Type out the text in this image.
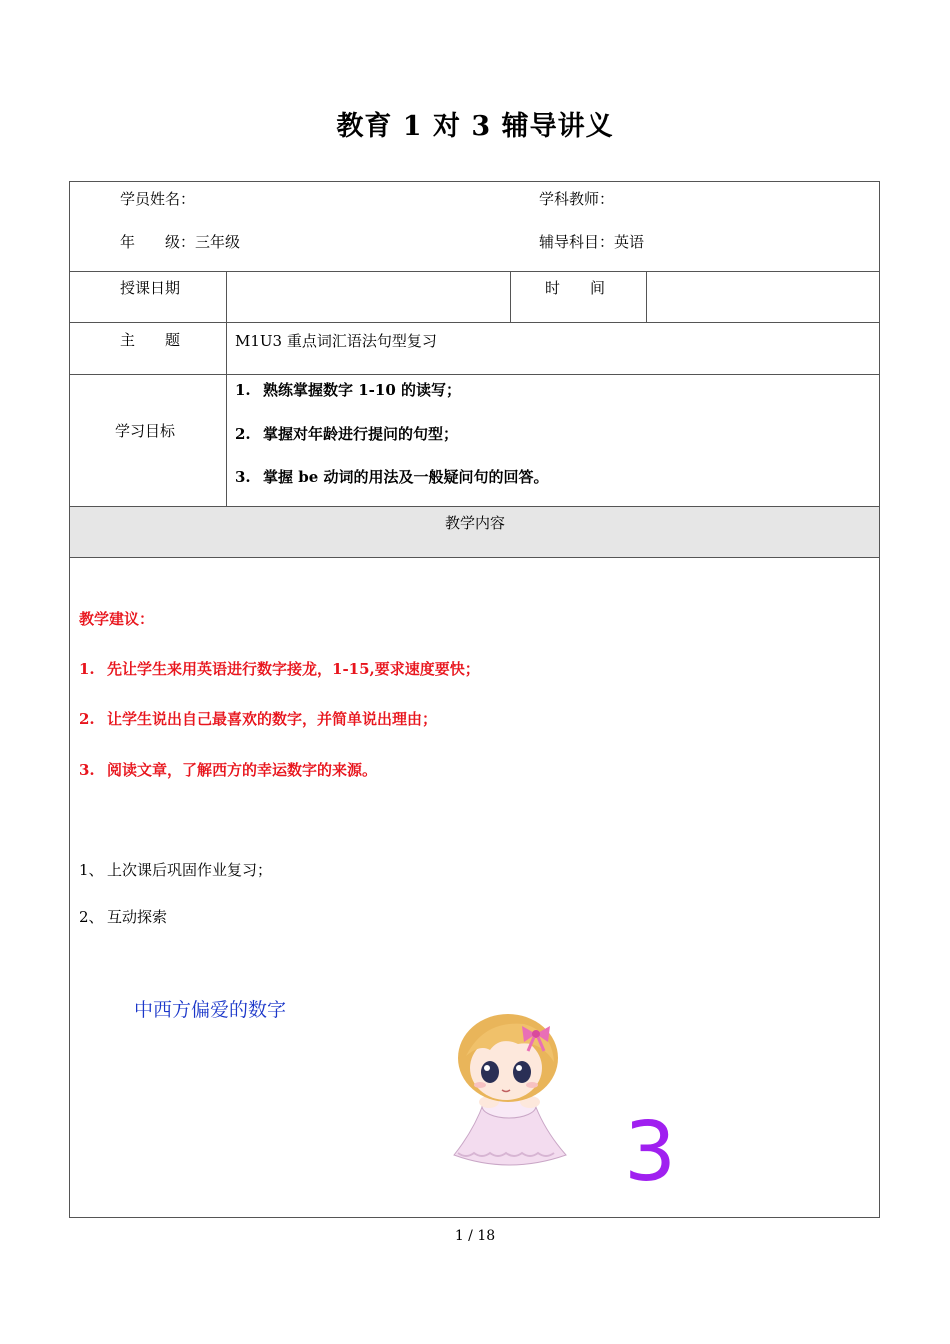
教育 1 对 3 辅导讲义
学员姓名：	学科教师：
年　　级：三年级	辅导科目：英语
授课日期	时　　间
主　　题	M1U3 重点词汇语法句型复习
学习目标
1. 熟练掌握数字 1-10 的读写；
2. 掌握对年龄进行提问的句型；
3. 掌握 be 动词的用法及一般疑问句的回答。
教学内容
教学建议：
1. 先让学生来用英语进行数字接龙，1-15,要求速度要快；
2. 让学生说出自己最喜欢的数字，并简单说出理由；
3. 阅读文章，了解西方的幸运数字的来源。
1、 上次课后巩固作业复习；
2、 互动探索
中西方偏爱的数字
3
1 / 18
